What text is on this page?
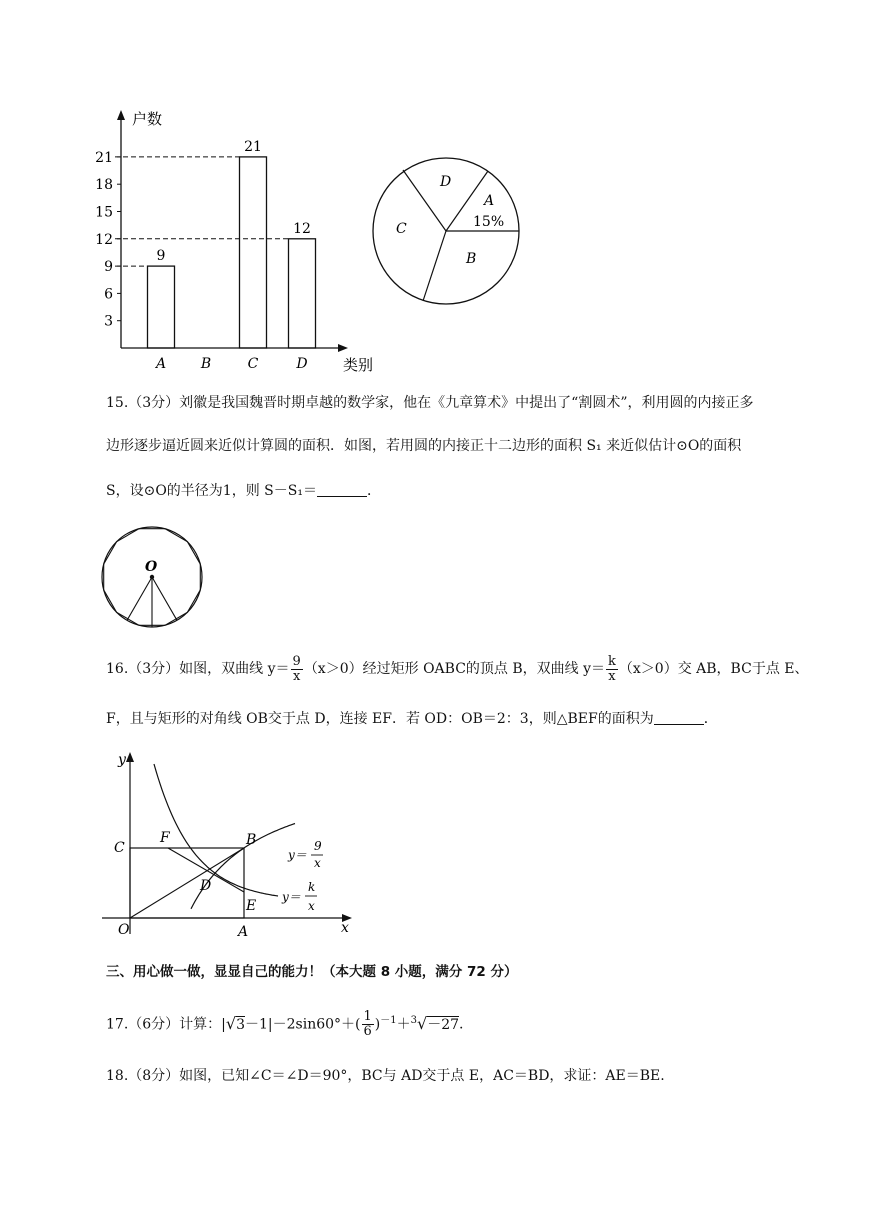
户数
类别
3
6
9
12
15
18
21
A
9
B	C
21
D
12
D
A
15%
C
B
15.（3分）刘徽是我国魏晋时期卓越的数学家，他在《九章算术》中提出了“割圆术”，利用圆的内接正多
边形逐步逼近圆来近似计算圆的面积．如图，若用圆的内接正十二边形的面积 S₁ 来近似估计⊙O的面积
S，设⊙O的半径为1，则 S－S₁＝	．
O
16.（3分）如图，双曲线 $y= \frac{9}{x} (x>0)$经过矩形 OABC的顶点 B，双曲线 $y= \frac{k}{x} (x>0)$交 AB，BC于点 E、
F，且与矩形的对角线 OB交于点 D，连接 EF．若 OD：OB＝2：3，则△BEF的面积为	．
y
x
O	A
C	B
F
D
E
y＝
9
x
y＝
k
x
三、用心做一做，显显自己的能力！（本大题 8 小题，满分 72 分）
17.（6分）计算：$|√3-1|-2\sin 60^\circ+( \frac{1}{6} )^{-1}+^3√-27$.
18.（8分）如图，已知∠C＝∠D＝90°，BC与 AD交于点 E，AC＝BD，求证：AE＝BE.
